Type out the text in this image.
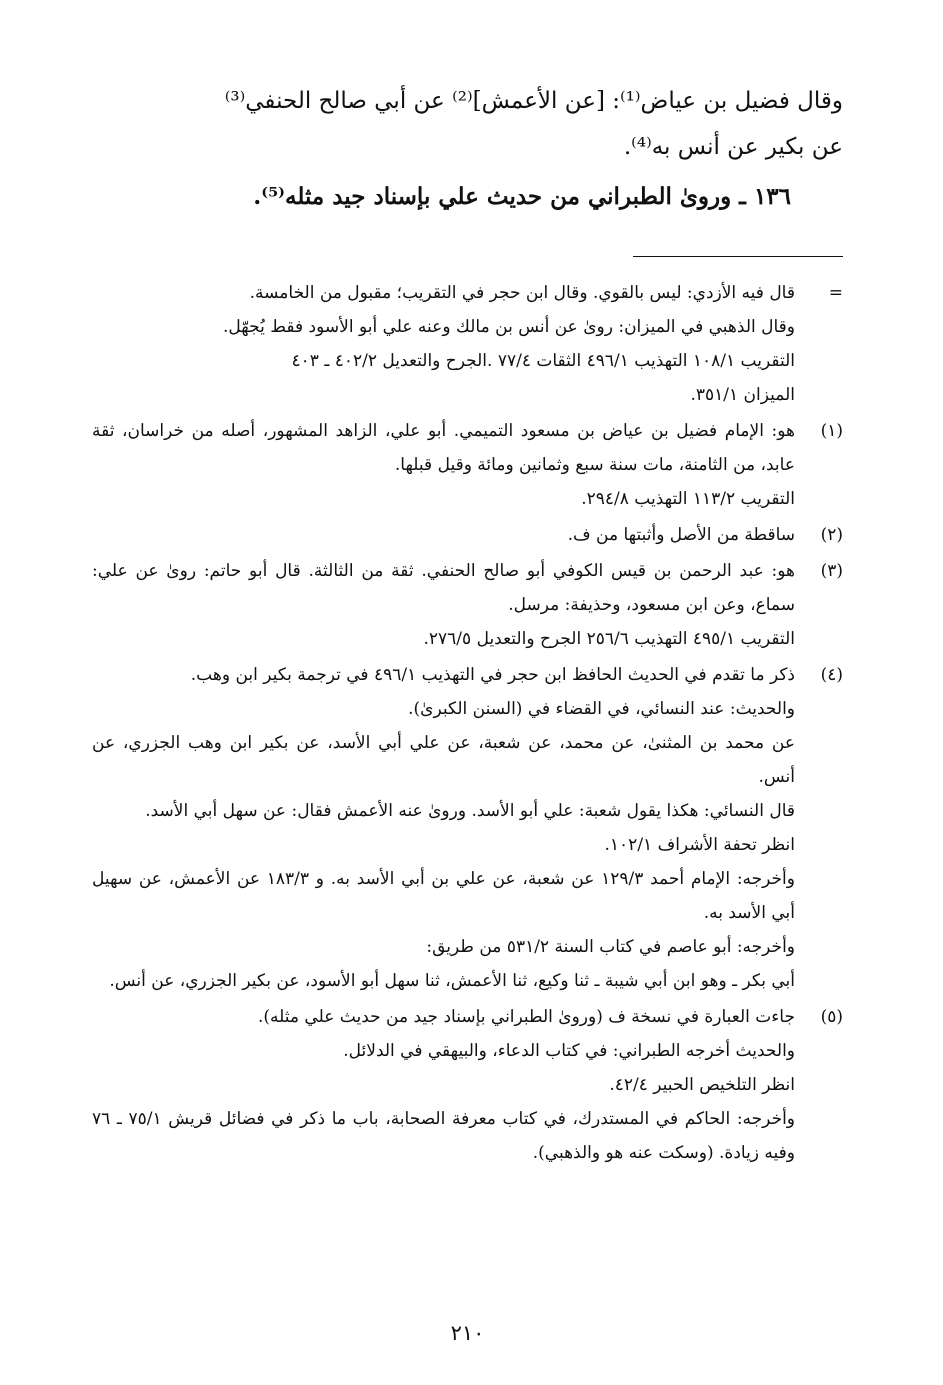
وقال فضيل بن عياض⁽¹⁾: [عن الأعمش]⁽²⁾ عن أبي صالح الحنفي⁽³⁾

عن بكير عن أنس به⁽⁴⁾.

١٣٦ ـ وروىٰ الطبراني من حديث علي بإسناد جيد مثله⁽⁵⁾.

=

قال فيه الأزدي: ليس بالقوي. وقال ابن حجر في التقريب؛ مقبول من الخامسة.

وقال الذهبي في الميزان: روىٰ عن أنس بن مالك وعنه علي أبو الأسود فقط يُجهّل.

التقريب ١٠٨/١ التهذيب ٤٩٦/١ الثقات ٧٧/٤ .الجرح والتعديل ٤٠٢/٢ ـ ٤٠٣

الميزان ٣٥١/١.

(١)

هو: الإمام فضيل بن عياض بن مسعود التميمي. أبو علي، الزاهد المشهور، أصله من خراسان، ثقة عابد، من الثامنة، مات سنة سبع وثمانين ومائة وقيل قبلها.

التقريب ١١٣/٢ التهذيب ٢٩٤/٨.

(٢)

ساقطة من الأصل وأثبتها من ف.

(٣)

هو: عبد الرحمن بن قيس الكوفي أبو صالح الحنفي. ثقة من الثالثة. قال أبو حاتم: روىٰ عن علي: سماع، وعن ابن مسعود، وحذيفة: مرسل.

التقريب ٤٩٥/١ التهذيب ٢٥٦/٦ الجرح والتعديل ٢٧٦/٥.

(٤)

ذكر ما تقدم في الحديث الحافظ ابن حجر في التهذيب ٤٩٦/١ في ترجمة بكير ابن وهب.

والحديث: عند النسائي، في القضاء في (السنن الكبرىٰ).

عن محمد بن المثنىٰ، عن محمد، عن شعبة، عن علي أبي الأسد، عن بكير ابن وهب الجزري، عن أنس.

قال النسائي: هكذا يقول شعبة: علي أبو الأسد. وروىٰ عنه الأعمش فقال: عن سهل أبي الأسد.

انظر تحفة الأشراف ١٠٢/١.

وأخرجه: الإمام أحمد ١٢٩/٣ عن شعبة، عن علي بن أبي الأسد به. و ١٨٣/٣ عن الأعمش، عن سهيل أبي الأسد به.

وأخرجه: أبو عاصم في كتاب السنة ٥٣١/٢ من طريق:

أبي بكر ـ وهو ابن أبي شيبة ـ ثنا وكيع، ثنا الأعمش، ثنا سهل أبو الأسود، عن بكير الجزري، عن أنس.

(٥)

جاءت العبارة في نسخة ف (وروىٰ الطبراني بإسناد جيد من حديث علي مثله).

والحديث أخرجه الطبراني: في كتاب الدعاء، والبيهقي في الدلائل.

انظر التلخيص الحبير ٤٢/٤.

وأخرجه: الحاكم في المستدرك، في كتاب معرفة الصحابة، باب ما ذكر في فضائل قريش ٧٥/١ ـ ٧٦ وفيه زيادة. (وسكت عنه هو والذهبي).

٢١٠
